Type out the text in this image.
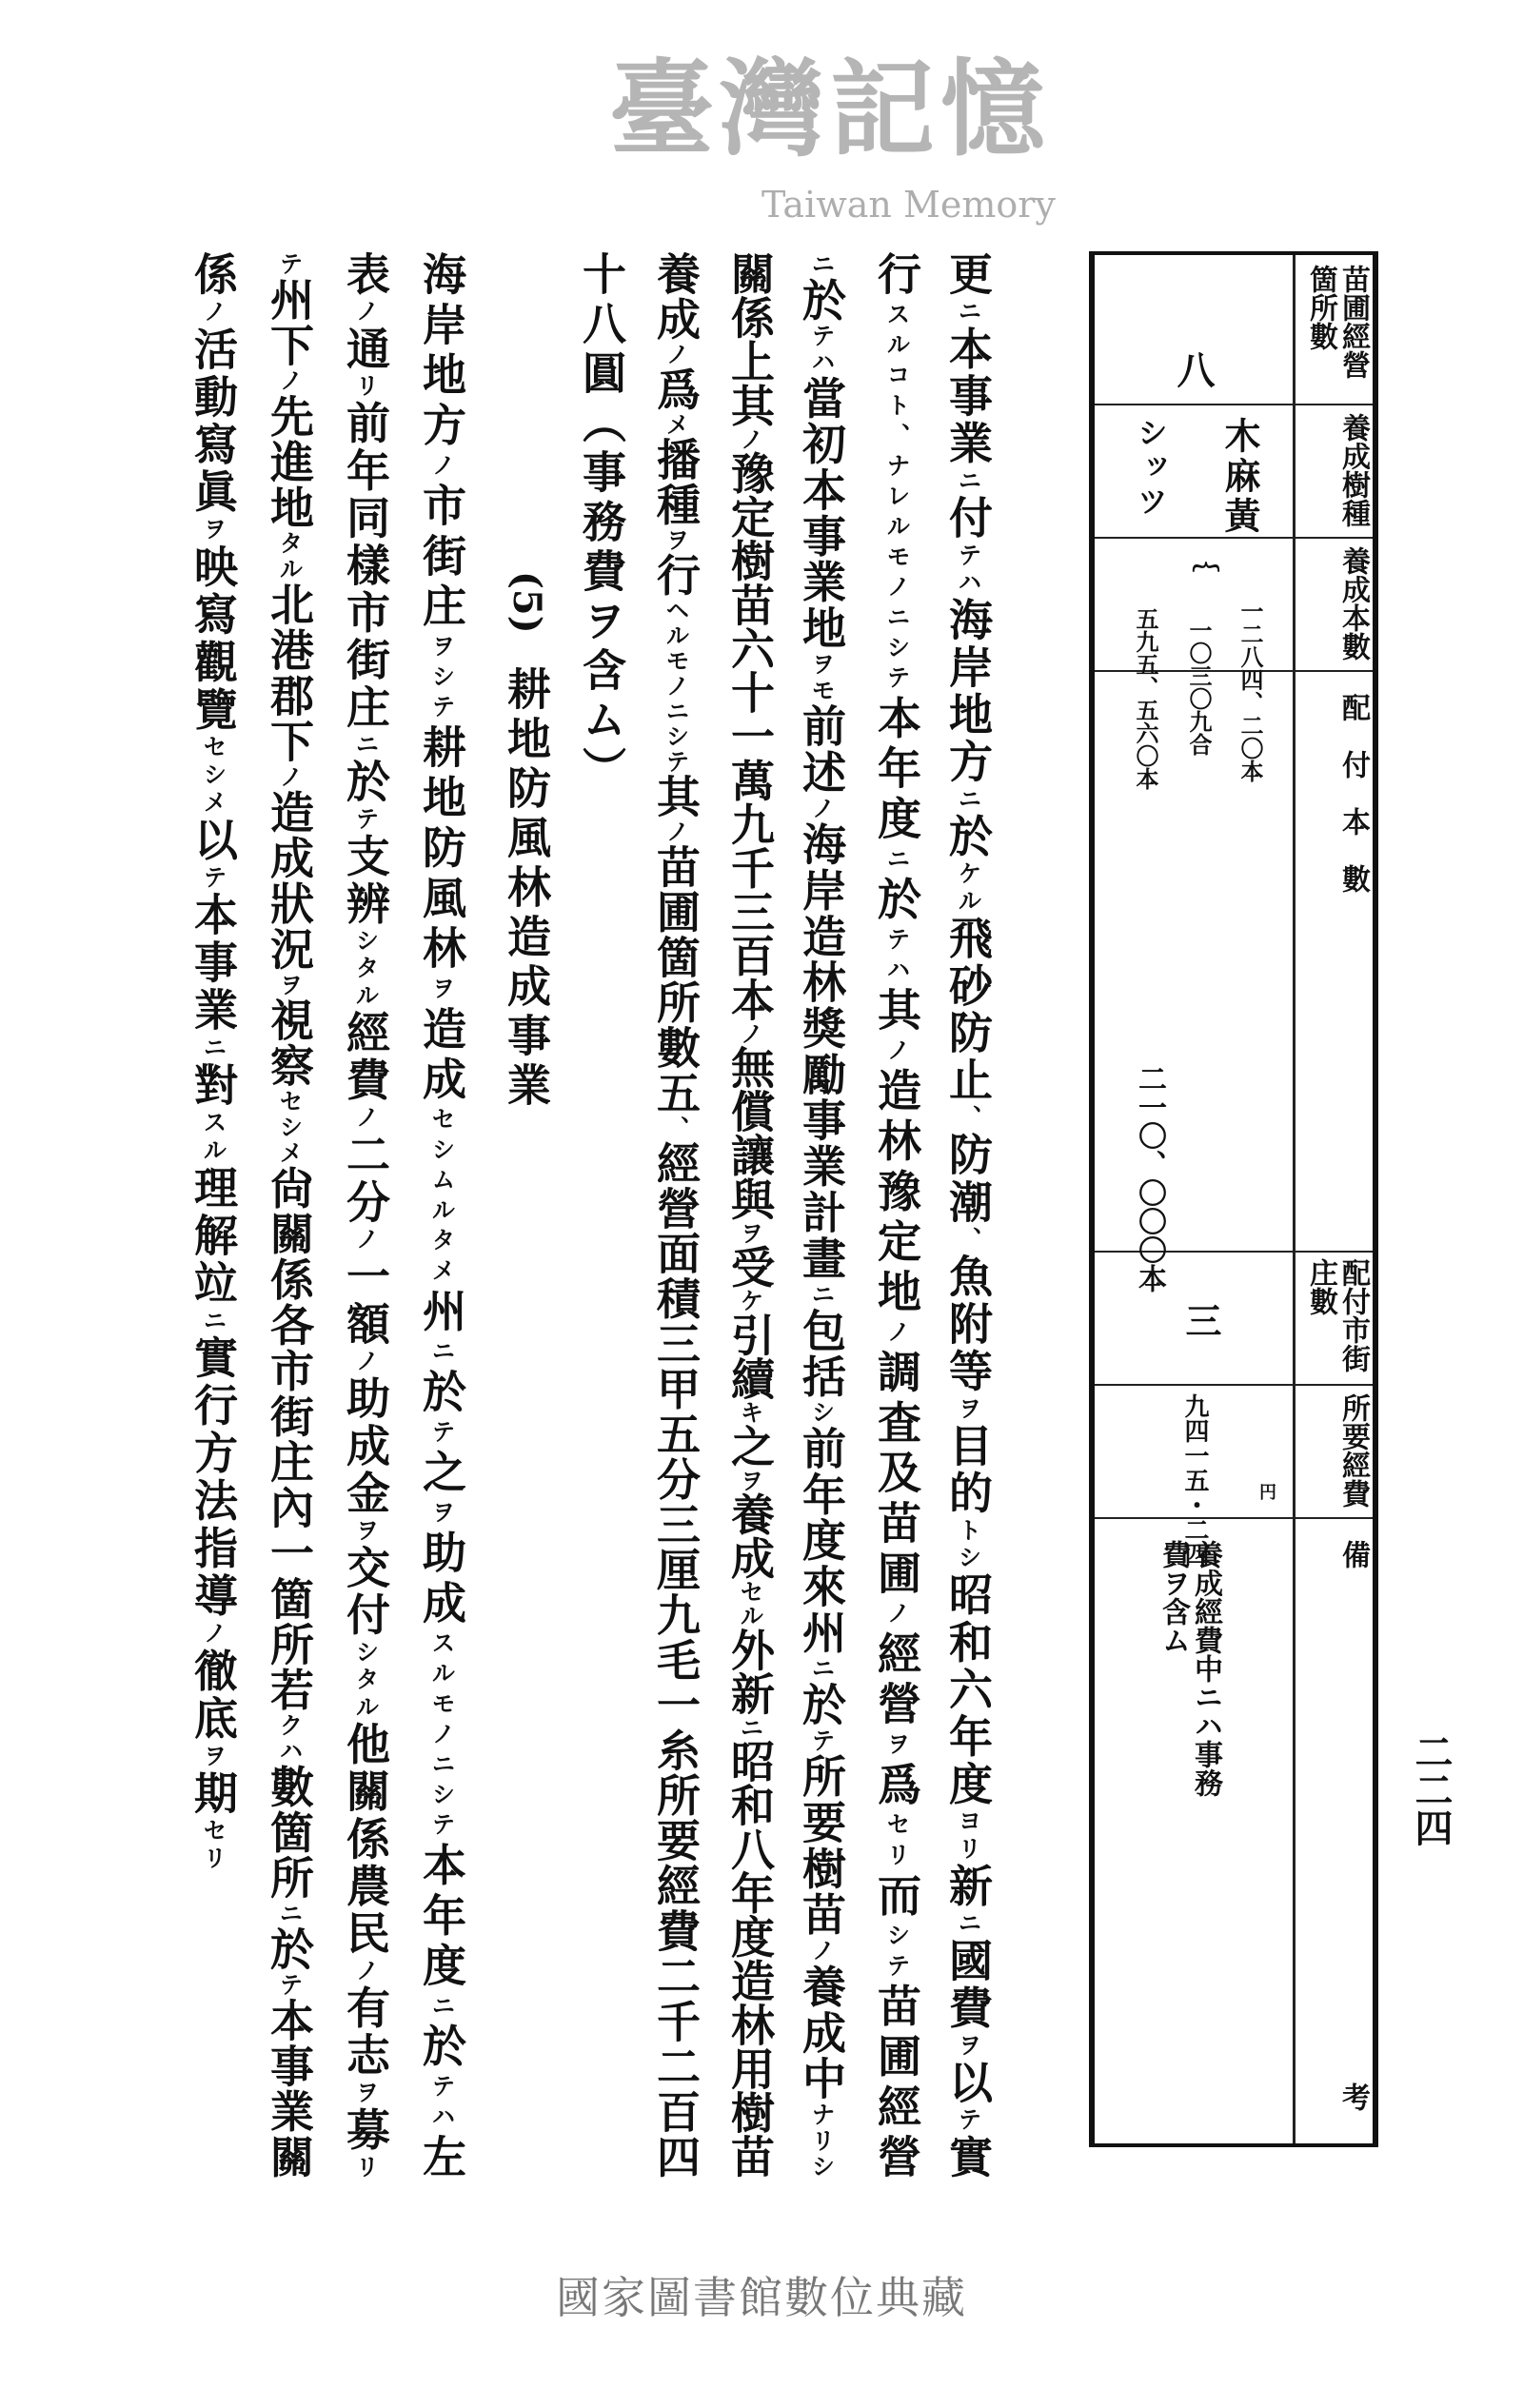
臺灣記憶
Taiwan Memory
苗圃經營箇所數
養成樹種
養成本數
配付本數
配付市街庄數
所要經費
備考
八
木麻黃
シッツ
︷
一二八四、二〇本
一〇三〇九合
五九五、五六〇本
二一〇、〇〇〇本
三
円
九四一五・二四
養成經費中ニハ事務
費ヲ含ム
二二四
更ニ本事業ニ付テハ海岸地方ニ於ケル飛砂防止、防潮、魚附等ヲ目的トシ昭和六年度ヨリ新ニ國費ヲ以テ實
行スルコト、ナレルモノニシテ本年度ニ於テハ其ノ造林豫定地ノ調査及苗圃ノ經營ヲ爲セリ而シテ苗圃經營
ニ於テハ當初本事業地ヲモ前述ノ海岸造林獎勵事業計畫ニ包括シ前年度來州ニ於テ所要樹苗ノ養成中ナリシ
關係上其ノ豫定樹苗六十一萬九千三百本ノ無償讓與ヲ受ケ引續キ之ヲ養成セル外新ニ昭和八年度造林用樹苗
養成ノ爲メ播種ヲ行ヘルモノニシテ其ノ苗圃箇所數五、經營面積三甲五分三厘九毛一糸所要經費二千二百四
十八圓（事務費ヲ含ム）
(5)
耕地防風林造成事業
海岸地方ノ市街庄ヲシテ耕地防風林ヲ造成セシムルタメ州ニ於テ之ヲ助成スルモノニシテ本年度ニ於テハ左
表ノ通リ前年同樣市街庄ニ於テ支辨シタル經費ノ二分ノ一額ノ助成金ヲ交付シタル他關係農民ノ有志ヲ募リ
テ州下ノ先進地タル北港郡下ノ造成狀況ヲ視察セシメ尙關係各市街庄內一箇所若クハ數箇所ニ於テ本事業關
係ノ活動寫眞ヲ映寫觀覽セシメ以テ本事業ニ對スル理解竝ニ實行方法指導ノ徹底ヲ期セリ
國家圖書館數位典藏
